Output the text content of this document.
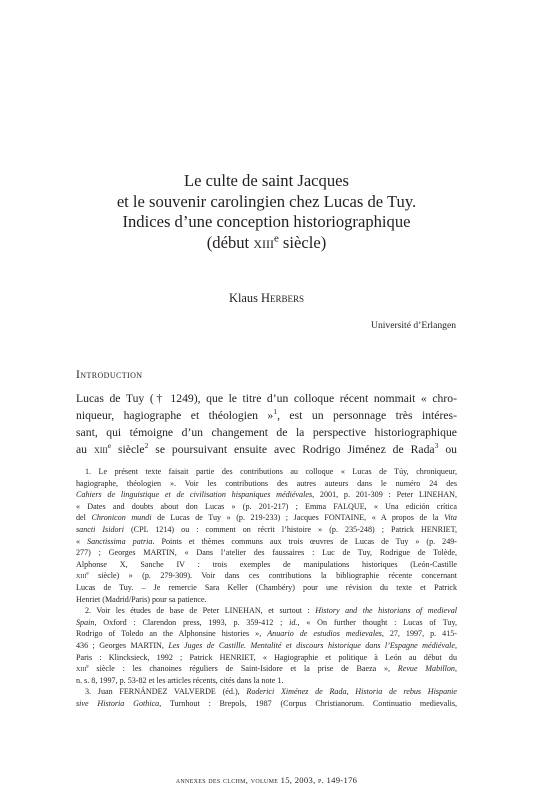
Le culte de saint Jacques
et le souvenir carolingien chez Lucas de Tuy.
Indices d’une conception historiographique
(début xiii$^e$ siècle)
Klaus Herbers
Université d’Erlangen
Introduction
Lucas de Tuy († 1249), que le titre d’un colloque récent nommait « chro-
niqueur, hagiographe et théologien »$^1$, est un personnage très intéres-
sant, qui témoigne d’un changement de la perspective historiographique
au xiii$^e$ siècle$^2$ se poursuivant ensuite avec Rodrigo Jiménez de Rada$^3$ ou
1. Le présent texte faisait partie des contributions au colloque « Lucas de Túy, chroniqueur,
hagiographe, théologien ». Voir les contributions des autres auteurs dans le numéro 24 des
Cahiers de linguistique et de civilisation hispaniques médiévales, 2001, p. 201-309 : Peter LINEHAN,
« Dates and doubts about don Lucas » (p. 201-217) ; Emma FALQUE, « Una edición crítica
del Chronicon mundi de Lucas de Tuy » (p. 219-233) ; Jacques FONTAINE, « A propos de la Vita
sancti Isidori (CPL 1214) ou : comment on récrit l’histoire » (p. 235-248) ; Patrick HENRIET,
« Sanctissima patria. Points et thèmes communs aux trois œuvres de Lucas de Tuy » (p. 249-
277) ; Georges MARTIN, « Dans l’atelier des faussaires : Luc de Tuy, Rodrigue de Tolède,
Alphonse X, Sanche IV : trois exemples de manipulations historiques (León-Castille
xiii$^e$ siècle) » (p. 279-309). Voir dans ces contributions la bibliographie récente concernant
Lucas de Tuy. – Je remercie Sara Keller (Chambéry) pour une révision du texte et Patrick
Henriet (Madrid/Paris) pour sa patience.
2. Voir les études de base de Peter LINEHAN, et surtout : History and the historians of medieval
Spain, Oxford : Clarendon press, 1993, p. 359-412 ; id., « On further thought : Lucas of Tuy,
Rodrigo of Toledo an the Alphonsine histories », Anuario de estudios medievales, 27, 1997, p. 415-
436 ; Georges MARTIN, Les Juges de Castille. Mentalité et discours historique dans l’Espagne médiévale,
Paris : Klincksieck, 1992 ; Patrick HENRIET, « Hagiographie et politique à León au début du
xiii$^e$ siècle : les chanoines réguliers de Saint-Isidore et la prise de Baeza », Revue Mabillon,
n. s. 8, 1997, p. 53-82 et les articles récents, cités dans la note 1.
3. Juan FERNÁNDEZ VALVERDE (éd.), Roderici Ximénez de Rada, Historia de rebus Hispanie
sive Historia Gothica, Turnhout : Brepols, 1987 (Corpus Christianorum. Continuatio medievalis,
annexes des clchm, volume 15, 2003, p. 149-176
